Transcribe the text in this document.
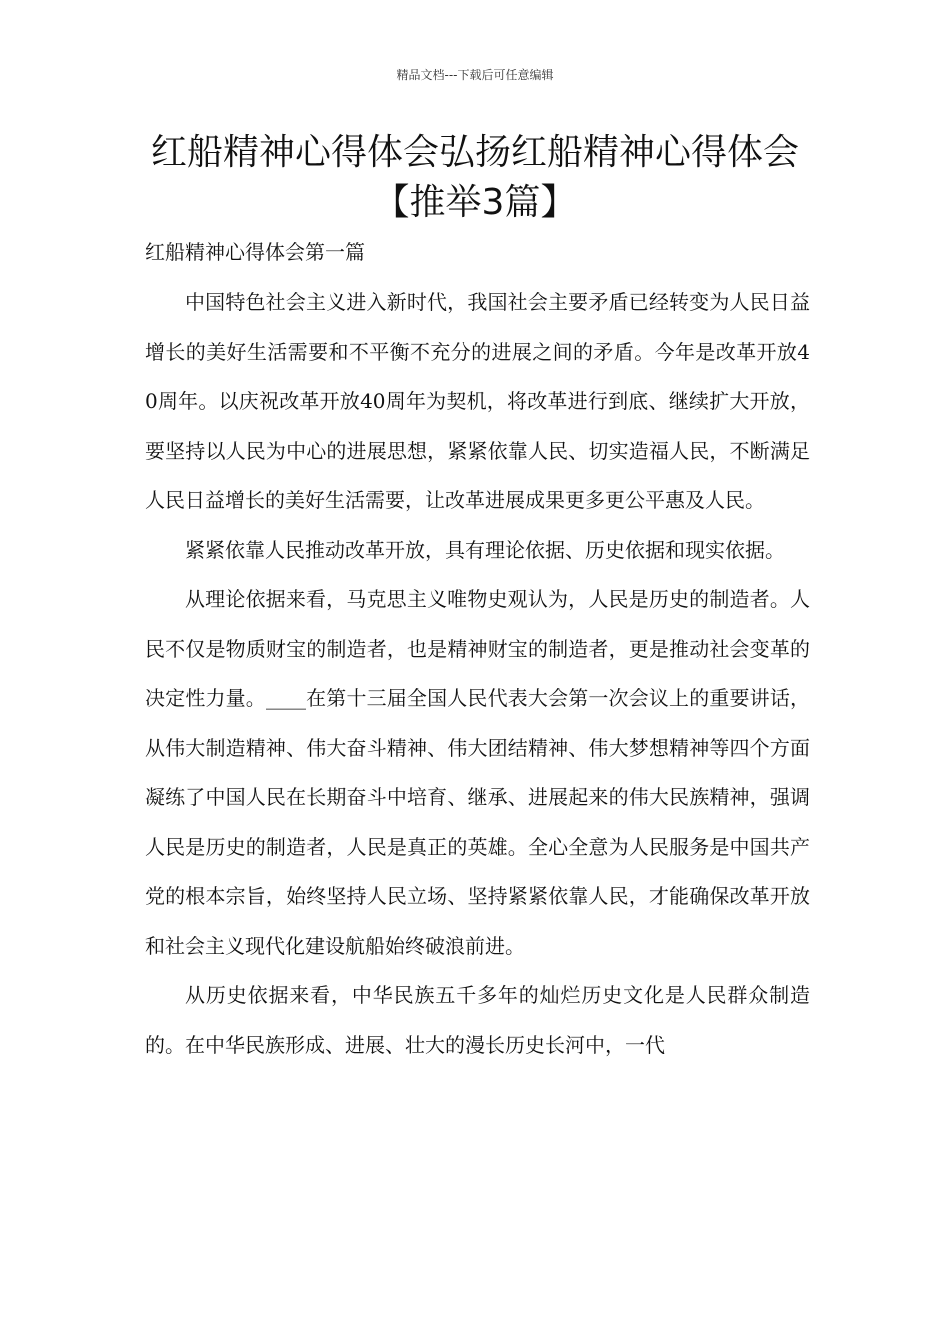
精品文档---下载后可任意编辑
红船精神心得体会弘扬红船精神心得体会【推举3篇】
红船精神心得体会第一篇

中国特色社会主义进入新时代，我国社会主要矛盾已经转变为人民日益增长的美好生活需要和不平衡不充分的进展之间的矛盾。今年是改革开放40周年。以庆祝改革开放40周年为契机，将改革进行到底、继续扩大开放，要坚持以人民为中心的进展思想，紧紧依靠人民、切实造福人民，不断满足人民日益增长的美好生活需要，让改革进展成果更多更公平惠及人民。

紧紧依靠人民推动改革开放，具有理论依据、历史依据和现实依据。

从理论依据来看，马克思主义唯物史观认为，人民是历史的制造者。人民不仅是物质财宝的制造者，也是精神财宝的制造者，更是推动社会变革的决定性力量。____在第十三届全国人民代表大会第一次会议上的重要讲话，从伟大制造精神、伟大奋斗精神、伟大团结精神、伟大梦想精神等四个方面凝练了中国人民在长期奋斗中培育、继承、进展起来的伟大民族精神，强调人民是历史的制造者，人民是真正的英雄。全心全意为人民服务是中国共产党的根本宗旨，始终坚持人民立场、坚持紧紧依靠人民，才能确保改革开放和社会主义现代化建设航船始终破浪前进。

从历史依据来看，中华民族五千多年的灿烂历史文化是人民群众制造的。在中华民族形成、进展、壮大的漫长历史长河中，一代
